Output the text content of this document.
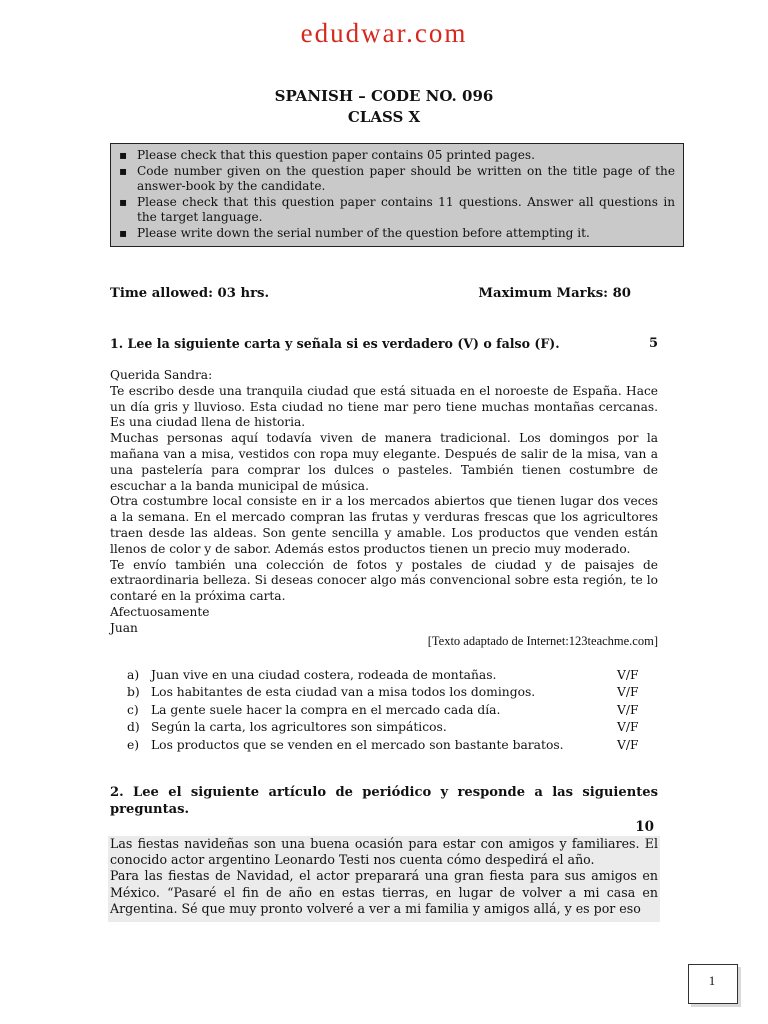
edudwar.com
SPANISH – CODE NO. 096
CLASS X
▪ Please check that this question paper contains 05 printed pages.
▪ Code number given on the question paper should be written on the title page of the answer-book by the candidate.
▪ Please check that this question paper contains 11 questions. Answer all questions in the target language.
▪ Please write down the serial number of the question before attempting it.
Time allowed: 03 hrs.	Maximum Marks: 80
1. Lee la siguiente carta y señala si es verdadero (V) o falso (F).	5

Querida Sandra:

Te escribo desde una tranquila ciudad que está situada en el noroeste de España. Hace un día gris y lluvioso. Esta ciudad no tiene mar pero tiene muchas montañas cercanas. Es una ciudad llena de historia.

Muchas personas aquí todavía viven de manera tradicional. Los domingos por la mañana van a misa, vestidos con ropa muy elegante. Después de salir de la misa, van a una pastelería para comprar los dulces o pasteles. También tienen costumbre de escuchar a la banda municipal de música.

Otra costumbre local consiste en ir a los mercados abiertos que tienen lugar dos veces a la semana. En el mercado compran las frutas y verduras frescas que los agricultores traen desde las aldeas. Son gente sencilla y amable. Los productos que venden están llenos de color y de sabor. Además estos productos tienen un precio muy moderado.

Te envío también una colección de fotos y postales de ciudad y de paisajes de extraordinaria belleza. Si deseas conocer algo más convencional sobre esta región, te lo contaré en la próxima carta.

Afectuosamente

Juan

[Texto adaptado de Internet:123teachme.com]
a) Juan vive en una ciudad costera, rodeada de montañas.	V/F
b) Los habitantes de esta ciudad van a misa todos los domingos.	V/F
c)	La gente suele hacer la compra en el mercado cada día.	V/F
d) Según la carta, los agricultores son simpáticos.	V/F
e) Los productos que se venden en el mercado son bastante baratos.	V/F
2. Lee el siguiente artículo de periódico y responde a las siguientes preguntas.
10

Las fiestas navideñas son una buena ocasión para estar con amigos y familiares. El conocido actor argentino Leonardo Testi nos cuenta cómo despedirá el año.

Para las fiestas de Navidad, el actor preparará una gran fiesta para sus amigos en México. “Pasaré el fin de año en estas tierras, en lugar de volver a mi casa en Argentina. Sé que muy pronto volveré a ver a mi familia y amigos allá, y es por eso

1
